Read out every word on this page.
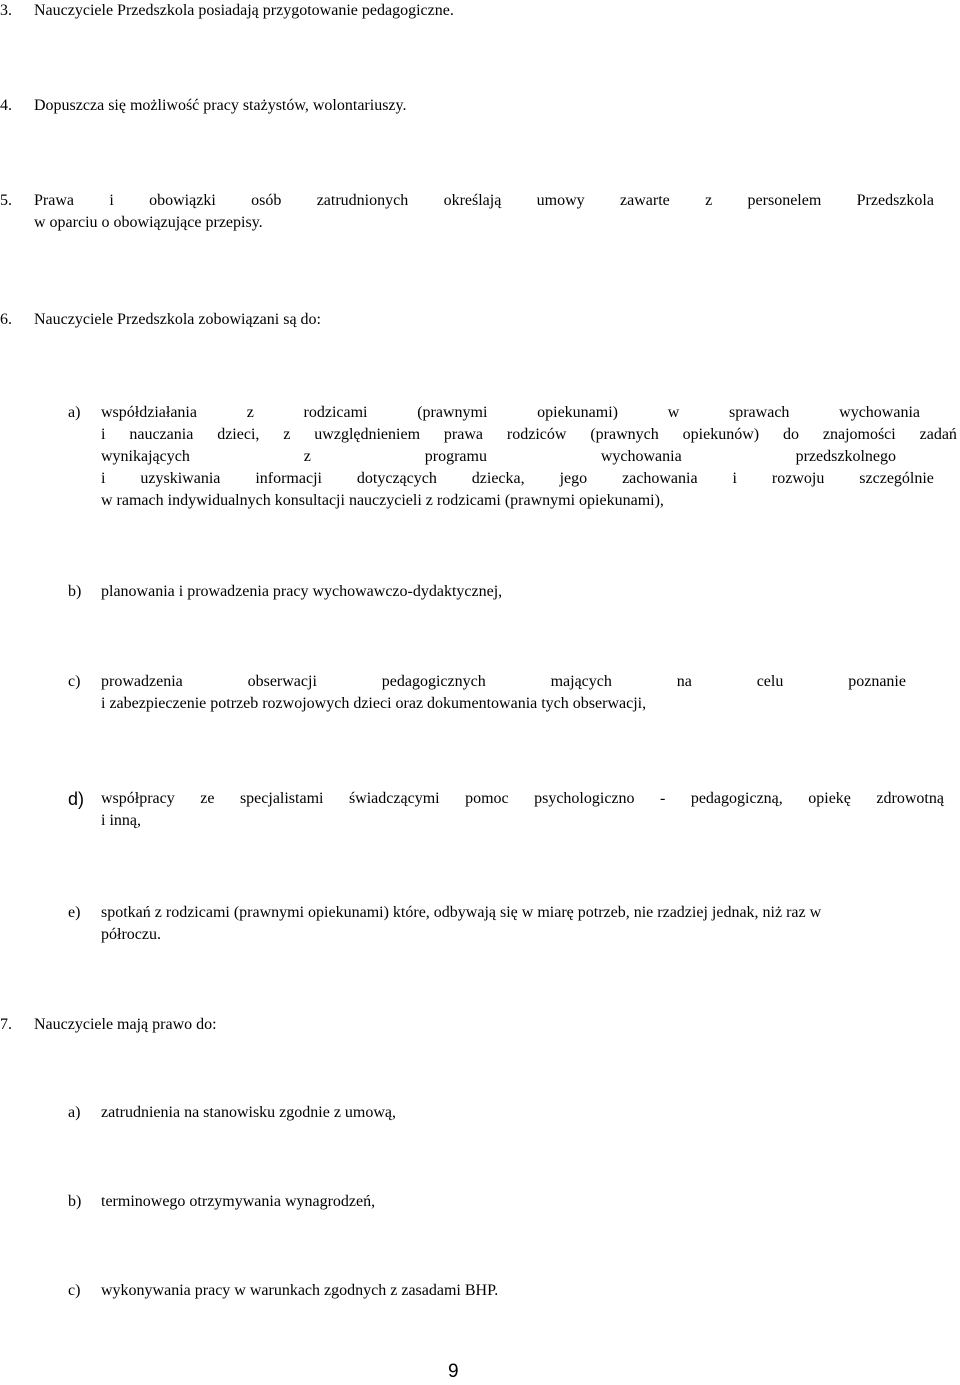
3. Nauczyciele Przedszkola posiadają przygotowanie pedagogiczne.
4. Dopuszcza się możliwość pracy stażystów, wolontariuszy.
5. Prawa i obowiązki osób zatrudnionych określają umowy zawarte z personelem Przedszkola
w oparciu o obowiązujące przepisy.
6. Nauczyciele Przedszkola zobowiązani są do:
a) współdziałania	z	rodzicami	(prawnymi	opiekunami)	w	sprawach	wychowania
i nauczania dzieci, z uwzględnieniem prawa rodziców (prawnych opiekunów) do znajomości zadań
wynikających	z	programu	wychowania	przedszkolnego
i uzyskiwania informacji dotyczących dziecka, jego zachowania i rozwoju szczególnie
w ramach indywidualnych konsultacji nauczycieli z rodzicami (prawnymi opiekunami),
b) planowania i prowadzenia pracy wychowawczo-dydaktycznej,
c) prowadzenia	obserwacji	pedagogicznych	mających	na	celu	poznanie
i zabezpieczenie potrzeb rozwojowych dzieci oraz dokumentowania tych obserwacji,
d) współpracy ze specjalistami świadczącymi pomoc psychologiczno - pedagogiczną, opiekę zdrowotną
i inną,
e) spotkań z rodzicami (prawnymi opiekunami) które, odbywają się w miarę potrzeb, nie rzadziej jednak, niż raz w
półroczu.
7. Nauczyciele mają prawo do:
a) zatrudnienia na stanowisku zgodnie z umową,
b) terminowego otrzymywania wynagrodzeń,
c) wykonywania pracy w warunkach zgodnych z zasadami BHP.
9
